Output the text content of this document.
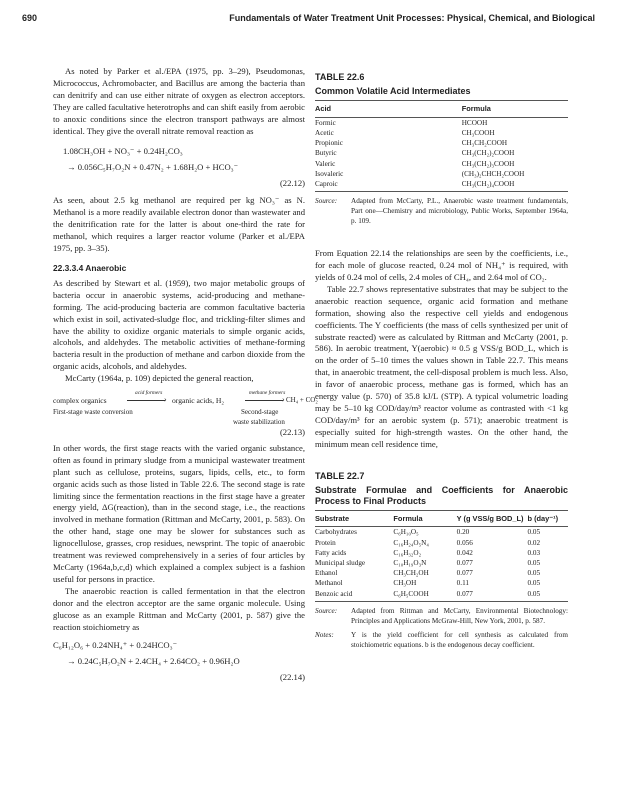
690	Fundamentals of Water Treatment Unit Processes: Physical, Chemical, and Biological

As noted by Parker et al./EPA (1975, pp. 3–29), Pseudomonas, Micrococcus, Achromobacter, and Bacillus are among the bacteria than can denitrify and can use either nitrate of oxygen as electron acceptors. They are called facultative heterotrophs and can shift easily from aerobic to anoxic conditions since the electron transport pathways are almost identical. They give the overall nitrate removal reaction as

1.08CH₃OH + NO₃⁻ + 0.24H₂CO₃
→ 0.056C₅H₇O₂N + 0.47N₂ + 1.68H₂O + HCO₃⁻
(22.12)

As seen, about 2.5 kg methanol are required per kg NO₃⁻ as N. Methanol is a more readily available electron donor than wastewater and the denitrification rate for the latter is about one-third the rate for methanol, which requires a larger reactor volume (Parker et al./EPA 1975, pp. 3–35).

22.3.3.4 Anaerobic

As described by Stewart et al. (1959), two major metabolic groups of bacteria occur in anaerobic systems, acid-producing and methane-forming. The acid-producing bacteria are common facultative bacteria which exist in soil, activated-sludge floc, and trickling-filter slimes and have the ability to oxidize organic materials to simple organic acids, alcohols, and aldehydes. The metabolic activities of methane-forming bacteria result in the production of methane and carbon dioxide from the organic acids, alcohols, and aldehydes.

McCarty (1964a, p. 109) depicted the general reaction,

complex organics
acid formers
› organic acids, H₂
methane formers
› CH₄ + CO₂
First-stage waste conversion	Second-stage
waste stabilization
(22.13)

In other words, the first stage reacts with the varied organic substance, often as found in primary sludge from a municipal wastewater treatment plant such as cellulose, proteins, sugars, lipids, cells, etc., to form organic acids such as those listed in Table 22.6. The second stage is rate limiting since the fermentation reactions in the first stage have a greater energy yield, ΔG(reaction), than in the second stage, i.e., the reactions involved in methane formation (Rittman and McCarty, 2001, p. 583). On the other hand, stage one may be slower for substances such as lignocellulose, grasses, crop residues, newsprint. The topic of anaerobic treatment was reviewed comprehensively in a series of four articles by McCarty (1964a,b,c,d) which explained a complex subject is a fashion useful for persons in practice.

The anaerobic reaction is called fermentation in that the electron donor and the electron acceptor are the same organic molecule. Using glucose as an example Rittman and McCarty (2001, p. 587) give the reaction stoichiometry as

C₆H₁₂O₆ + 0.24NH₄⁺ + 0.24HCO₃⁻
→ 0.24C₅H₇O₂N + 2.4CH₄ + 2.64CO₂ + 0.96H₂O
(22.14)
TABLE 22.6
Common Volatile Acid Intermediates
Acid	Formula
Formic	HCOOH
Acetic	CH₃COOH
Propionic	CH₃CH₂COOH
Butyric	CH₃(CH₂)₂COOH
Valeric	CH₃(CH₂)₃COOH
Isovaleric	(CH₃)₂CHCH₂COOH
Caproic	CH₃(CH₂)₄COOH
Source: Adapted from McCarty, P.L., Anaerobic waste treatment fundamentals, Part one—Chemistry and microbiology, Public Works, September 1964a, p. 109.

From Equation 22.14 the relationships are seen by the coefficients, i.e., for each mole of glucose reacted, 0.24 mol of NH₄⁺ is required, with yields of 0.24 mol of cells, 2.4 moles of CH₄, and 2.64 mol of CO₂.

Table 22.7 shows representative substrates that may be subject to the anaerobic reaction sequence, organic acid formation and methane formation, showing also the respective cell yields and endogenous coefficients. The Y coefficients (the mass of cells synthesized per unit of substrate reacted) were as calculated by Rittman and McCarty (2001, p. 586). In aerobic treatment, Y(aerobic) ≈ 0.5 g VSS/g BOD_L, which is on the order of 5–10 times the values shown in Table 22.7. This means that, in anaerobic treatment, the cell-disposal problem is much less. Also, in favor of anaerobic process, methane gas is formed, which has an energy value (p. 570) of 35.8 kJ/L (STP). A typical volumetric loading may be 5–10 kg COD/day/m³ reactor volume as contrasted with <1 kg COD/day/m³ for an aerobic system (p. 571); anaerobic treatment is especially suited for high-strength wastes. On the other hand, the minimum mean cell residence time,

TABLE 22.7
Substrate Formulae and Coefficients for Anaerobic Process to Final Products
Substrate	Formula	Y (g VSS/g BOD_L)	b (day⁻¹)
Carbohydrates	C₆H₁₀O₅	0.20	0.05
Protein	C₁₆H₂₄O₅N₄	0.056	0.02
Fatty acids	C₁₆H₃₂O₂	0.042	0.03
Municipal sludge	C₁₀H₁₉O₃N	0.077	0.05
Ethanol	CH₃CH₂OH	0.077	0.05
Methanol	CH₃OH	0.11	0.05
Benzoic acid	C₆H₅COOH	0.077	0.05
Source: Adapted from Rittman and McCarty, Environmental Biotechnology: Principles and Applications McGraw-Hill, New York, 2001, p. 587.
Notes: Y is the yield coefficient for cell synthesis as calculated from stoichiometric equations. b is the endogenous decay coefficient.
